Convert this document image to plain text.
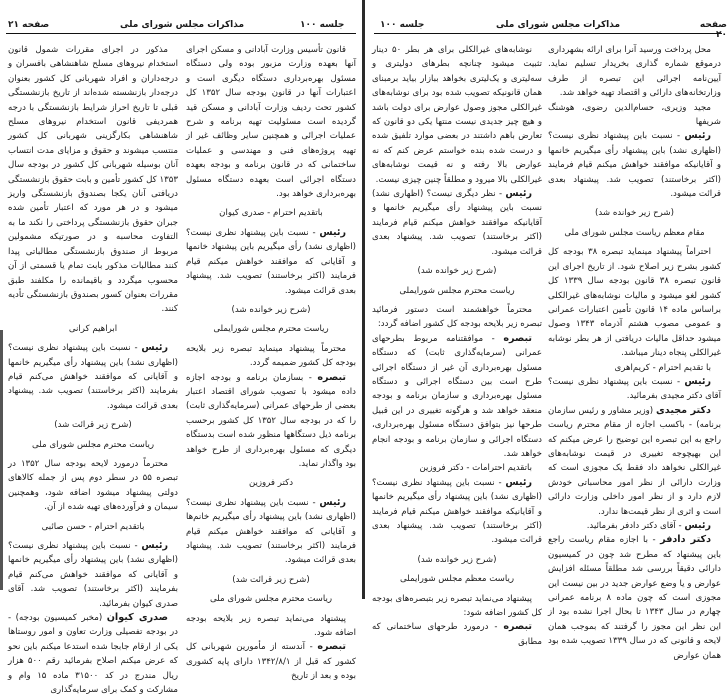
صفحه ۲۱	مذاکرات مجلس شورای ملی	جلسه ۱۰۰

قانون تأسیس وزارت آبادانی و مسکن اجرای آنها بعهده وزارت مزبور بوده ولی دستگاه مسئول بهره‌برداری دستگاه دیگری است و اعتبارات آنها در قانون بودجه سال ۱۳۵۲ کل کشور تحت ردیف وزارت آبادانی و مسکن قید گردیده است مسئولیت تهیه برنامه و شرح عملیات اجرائی و همچنین سایر وظائف غیر از تهیه پروژه‌های فنی و مهندسی و عملیات ساختمانی که در قانون برنامه و بودجه بعهده دستگاه اجرائی است بعهده دستگاه مسئول بهره‌برداری خواهد بود.

باتقدیم احترام - صدری کیوان

رئیس - نسبت باین پیشنهاد نظری نیست؟ (اظهاری نشد) رأی میگیریم باین پیشنهاد خانمها و آقایانی که موافقند خواهش میکنم قیام فرمایند (اکثر برخاستند) تصویب شد. پیشنهاد بعدی قرائت میشود.

(شرح زیر خوانده شد)

ریاست محترم مجلس شورایملی

محترماً پیشنهاد مینماید تبصره زیر بلایحه بودجه کل کشور ضمیمه گردد.

تبصره - بسازمان برنامه و بودجه اجازه داده میشود با تصویب شورای اقتصاد اعتبار بعضی از طرحهای عمرانی (سرمایه‌گذاری ثابت) را که در بودجه سال ۱۳۵۲ کل کشور برحسب برنامه ذیل دستگاهها منظور شده است بدستگاه دیگری که مسئول بهره‌برداری از طرح خواهد بود واگذار نماید.

دکتر فروزین

رئیس - نسبت باین پیشنهاد نظری نیست؟ (اظهاری نشد) باین پیشنهاد رأی میگیریم خانم‌ها و آقایانی که موافقند خواهش میکنم قیام فرمایند (اکثر برخاستند) تصویب شد. پیشنهاد بعدی قرائت میشود.

(شرح زیر قرائت شد)

ریاست محترم مجلس شورای ملی

پیشنهاد می‌نماید تبصره زیر بلایحه بودجه اضافه شود.

تبصره - آندسته از مأمورین شهربانی کل کشور که قبل از ۱۳۴۲/۸/۱ دارای پایه کشوری بوده و بعد از تاریخ

مذکور در اجرای مقررات شمول قانون استخدام نیروهای مسلح شاهنشاهی بافسران و درجه‌داران و افراد شهربانی کل کشور بعنوان درجه‌دار بازنشسته شده‌اند از تاریخ بازنشستگی قبلی تا تاریخ احراز شرایط بازنشستگی با درجه همردیفی قانون استخدام نیروهای مسلح شاهنشاهی بکارگزینی شهربانی کل کشور منتسب میشوند و حقوق و مزایای مدت انتساب آنان بوسیله شهربانی کل کشور در بودجه سال ۱۳۵۳ کل کشور تأمین و بابت حقوق بازنشستگی دریافتی آنان یکجا بصندوق بازنشستگی واریز میشود و در هر مورد که اعتبار تأمین شده جبران حقوق بازنشستگی پرداختی را نکند ما به التفاوت محاسبه و در صورتیکه مشمولین مربوط از صندوق بازنشستگی مطالباتی پیدا کنند مطالبات مذکور بابت تمام یا قسمتی از آن محسوب میگردد و باقیمانده را مکلفند طبق مقررات بعنوان کسور بصندوق بازنشستگی تأدیه کنند.

ابراهیم کرانی

رئیس - نسبت باین پیشنهاد نظری نیست؟ (اظهاری نشد) باین پیشنهاد رأی میگیریم خانمها و آقایانی که موافقند خواهش می‌کنم قیام بفرمایند (اکثر برخاستند) تصویب شد. پیشنهاد بعدی قرائت میشود.

(شرح زیر قرائت شد)

ریاست محترم مجلس شورای ملی

محترماً درمورد لایحه بودجه سال ۱۳۵۲ در تبصره ۵۵ در سطر دوم پس از جمله کالاهای دولتی پیشنهاد میشود اضافه شود، وهمچنین سیمان و فرآورده‌های تهیه شده از آن.

باتقدیم احترام - حسن صائبی

رئیس - نسبت باین پیشنهاد نظری نیست؟ (اظهاری نشد) باین پیشنهاد رأی میگیریم خانمها و آقایانی که موافقند خواهش می‌کنم قیام بفرمایند (اکثر برخاستند) تصویب شد. آقای صدری کیوان بفرمائید.

صدری کیوان (مخبر کمیسیون بودجه) - در بودجه تفصیلی وزارت تعاون و امور روستاها یکی از ارقام جابجا شده استدعا میکنم باین نحو که عرض میکنم اصلاح بفرمائید رقم ۵۰۰ هزار ریال مندرج در کد ۳۱۵۰۰ ماده ۱۵ وام و مشارکت و کمک برای سرمایه‌گذاری

صفحه ۲۰
مذاکرات مجلس شورای ملی
جلسه ۱۰۰

محل پرداخت ورسید آنرا برای ارائه بشهرداری درموقع شماره گذاری بخریدار تسلیم نماید. آیین‌نامه اجرائی این تبصره از طرف وزارتخانه‌های دارائی و اقتصاد تهیه خواهد شد.

مجید وزیری، حسام‌الدین رضوی، هوشنگ شریفها

رئیس - نسبت باین پیشنهاد نظری نیست؟ (اظهاری نشد) باین پیشنهاد رأی میگیریم خانمها و آقایانیکه موافقند خواهش میکنم قیام فرمایند (اکثر برخاستند) تصویب شد. پیشنهاد بعدی قرائت میشود.

(شرح زیر خوانده شد)

مقام معظم ریاست مجلس شورای ملی

احتراماً پیشنهاد مینماید تبصره ۳۸ بودجه کل کشور بشرح زیر اصلاح شود. از تاریخ اجرای این قانون تبصره ۳۸ قانون بودجه سال ۱۳۳۹ کل کشور لغو میشود و مالیات نوشابه‌های غیرالکلی براساس ماده ۱۴ قانون تأمین اعتبارات عمرانی و عمومی مصوب هشتم آذرماه ۱۳۴۳ وصول میشود حداقل مالیات دریافتی از هر بطر نوشابه غیرالکلی پنجاه دینار میباشد.

با تقدیم احترام - کریم‌اهری

رئیس - نسبت باین پیشنهاد نظری نیست؟ آقای دکتر مجیدی بفرمائید.

دکتر مجیدی (وزیر مشاور و رئیس سازمان برنامه) - باکسب اجازه از مقام محترم ریاست راجع به این تبصره این توضیح را عرض میکنم که این بهیچوجه تغییری در قیمت نوشابه‌های غیرالکلی نخواهد داد فقط یک مجوزی است که وزارت دارائی از نظر امور محاسباتی خودش لازم دارد و از نظر امور داخلی وزارت دارائی است و اثری از نظر قیمت‌ها ندارد.

رئیس - آقای دکتر دادفر بفرمائید.

دکتر دادفر - با اجازه مقام ریاست راجع باین پیشنهاد که مطرح شد چون در کمیسیون دارائی دقیقاً بررسی شد مطلقاً مسئله افزایش عوارض و یا وضع عوارض جدید در بین نیست این مجوزی است که چون ماده ۸ برنامه عمرانی چهارم در سال ۱۳۴۳ تا بحال اجرا نشده بود از این نظر این مجوز را گرفتند که بموجب همان لایحه و قانونی که در سال ۱۳۳۹ تصویب شده بود همان عوارض

نوشابه‌های غیرالکلی برای هر بطر ۵۰ دینار تثبیت میشود چنانچه بطرهای دولیتری و سه‌لیتری و یک‌لیتری بخواهد ببازار بیاید برمبنای همان قانونیکه تصویب شده بود برای نوشابه‌های غیرالکلی مجوز وصول عوارض برای دولت باشد و هیچ چیز جدیدی نیست منتها یکی دو قانون که تعارض باهم داشتند در بعضی موارد تلفیق شده و درست شده بنده خواستم عرض کنم که نه عوارض بالا رفته و نه قیمت نوشابه‌های غیرالکلی بالا میرود و مطلقاً چنین چیزی نیست.

رئیس - نظر دیگری نیست؟ (اظهاری نشد) نسبت باین پیشنهاد رأی میگیریم خانمها و آقایانیکه موافقند خواهش میکنم قیام فرمایند (اکثر برخاستند) تصویب شد. پیشنهاد بعدی قرائت میشود.

(شرح زیر خوانده شد)

ریاست محترم مجلس شورایملی

محترماً خواهشمند است دستور فرمائید تبصره زیر بلایحه بودجه کل کشور اضافه گردد:

تبصره - موافقتنامه مربوط بطرحهای عمرانی (سرمایه‌گذاری ثابت) که دستگاه مسئول بهره‌برداری آن غیر از دستگاه اجرائی طرح است بین دستگاه اجرائی و دستگاه مسئول بهره‌برداری و سازمان برنامه و بودجه منعقد خواهد شد و هرگونه تغییری در این قبیل طرحها نیز بتوافق دستگاه مسئول بهره‌برداری، دستگاه اجرائی و سازمان برنامه و بودجه انجام خواهد شد.

باتقدیم احترامات - دکتر فروزین

رئیس - نسبت باین پیشنهاد نظری نیست؟ (اظهاری نشد) باین پیشنهاد رأی میگیریم خانمها و آقایانیکه موافقند خواهش میکنم قیام فرمایند (اکثر برخاستند) تصویب شد. پیشنهاد بعدی قرائت میشود.

(شرح زیر خوانده شد)

ریاست معظم مجلس شورایملی

پیشنهاد می‌نماید تبصره زیر بتبصره‌های بودجه کل کشور اضافه شود:

تبصره - درمورد طرحهای ساختمانی که مطابق
